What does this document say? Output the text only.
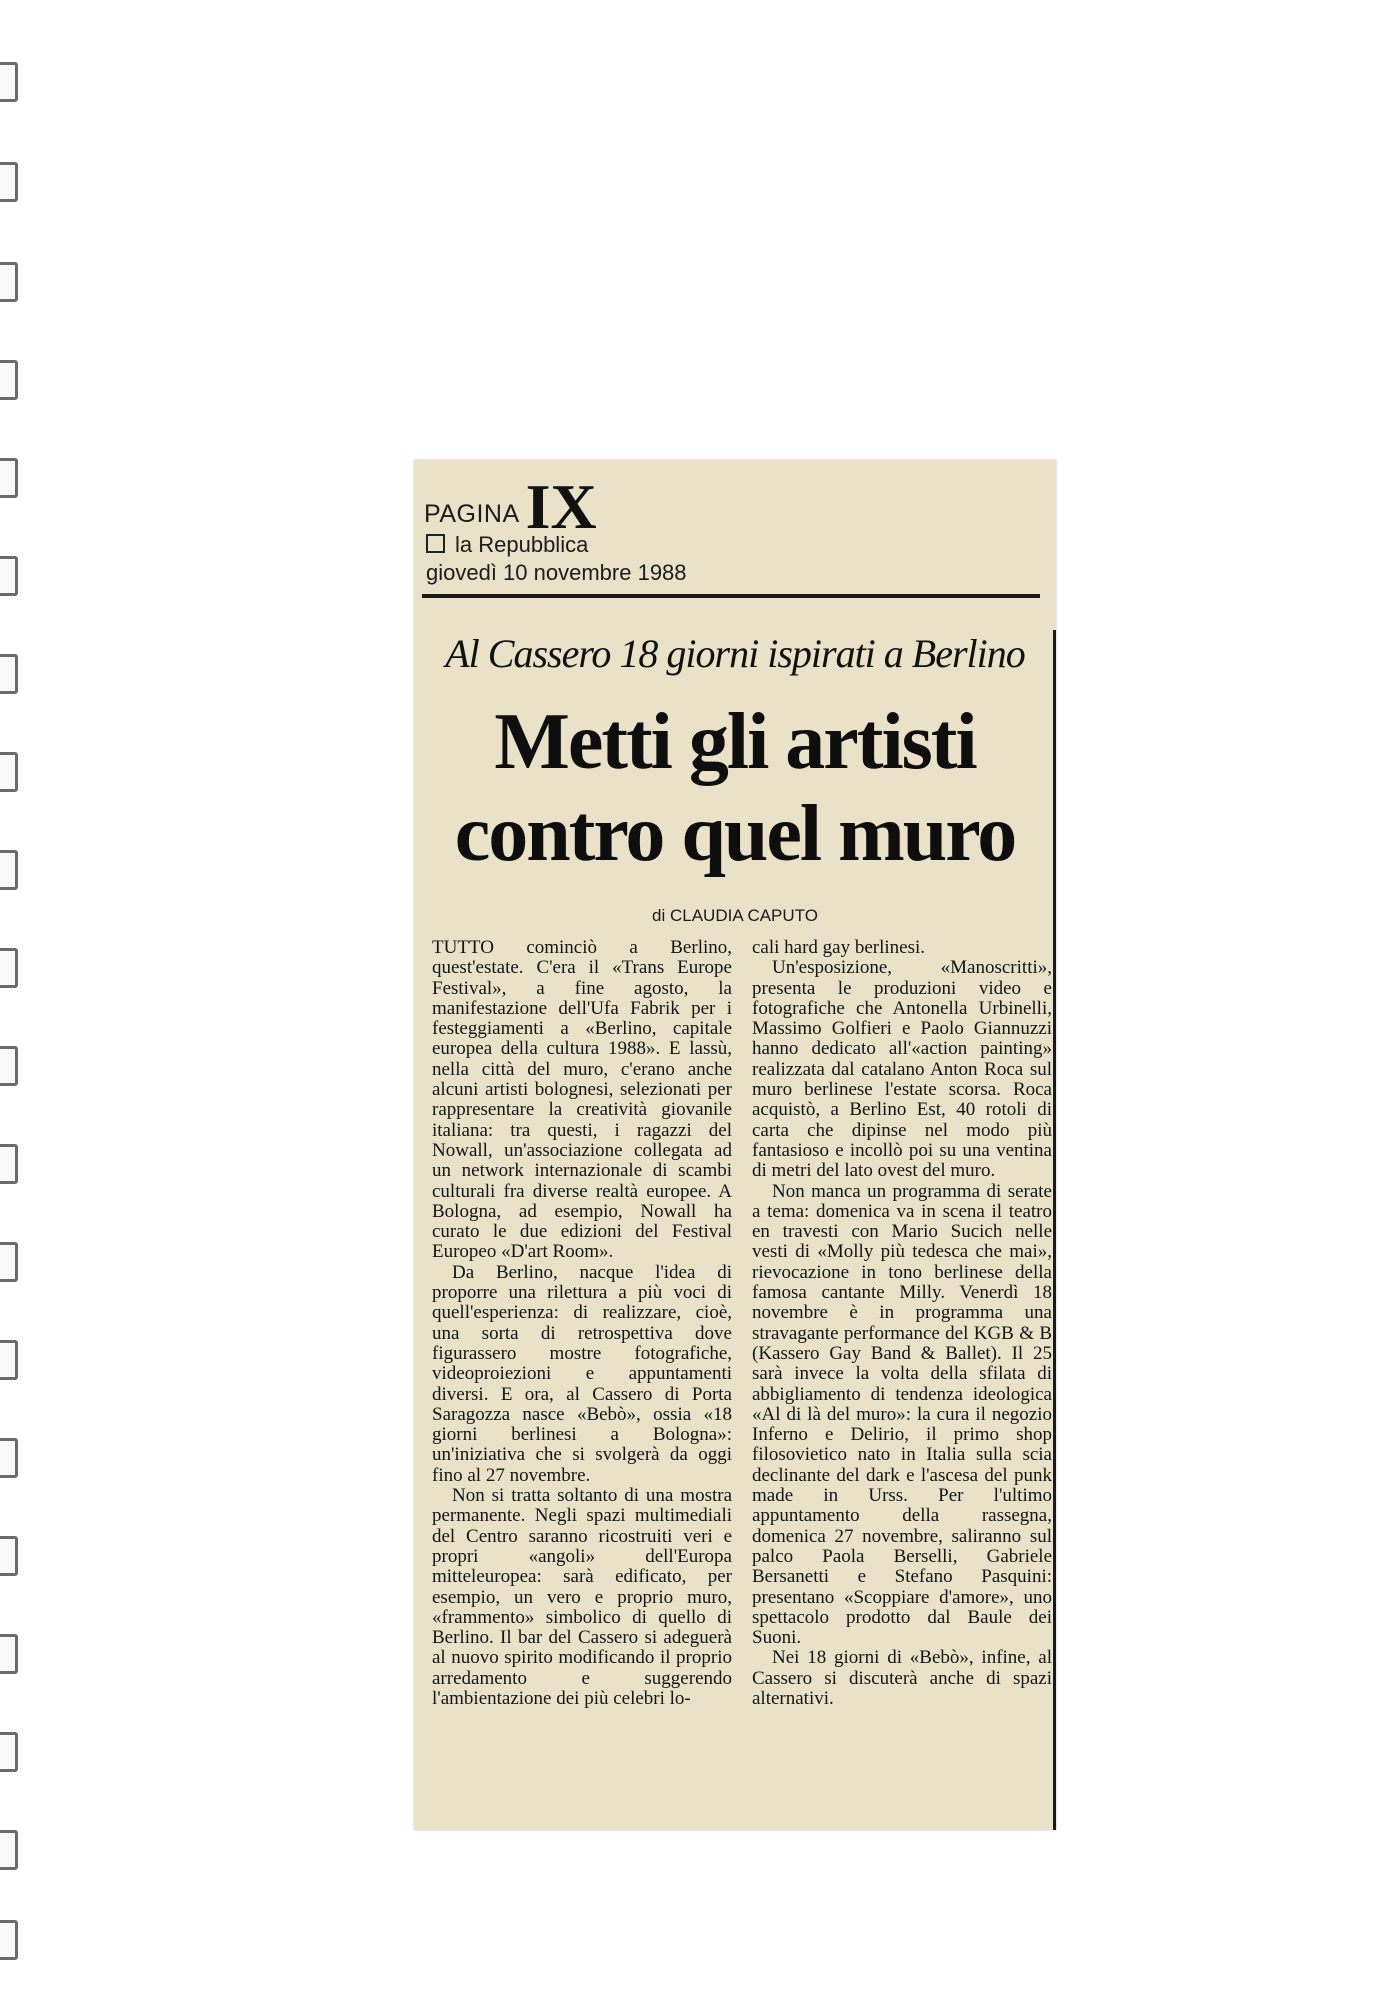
PAGINAIX
la Repubblica
giovedì 10 novembre 1988
Al Cassero 18 giorni ispirati a Berlino
Metti gli artisti
contro quel muro
di CLAUDIA CAPUTO

TUTTO cominciò a Berlino, quest'estate. C'era il «Trans Europe Festival», a fine agosto, la manifestazione dell'Ufa Fabrik per i festeggiamenti a «Berlino, capitale europea della cultura 1988». E lassù, nella città del muro, c'erano anche alcuni artisti bolognesi, selezionati per rappresentare la creatività giovanile italiana: tra questi, i ragazzi del Nowall, un'associazione collegata ad un network internazionale di scambi culturali fra diverse realtà europee. A Bologna, ad esempio, Nowall ha curato le due edizioni del Festival Europeo «D'art Room».

Da Berlino, nacque l'idea di proporre una rilettura a più voci di quell'esperienza: di realizzare, cioè, una sorta di retrospettiva dove figurassero mostre fotografiche, videoproiezioni e appuntamenti diversi. E ora, al Cassero di Porta Saragozza nasce «Bebò», ossia «18 giorni berlinesi a Bologna»: un'iniziativa che si svolgerà da oggi fino al 27 novembre.

Non si tratta soltanto di una mostra permanente. Negli spazi multimediali del Centro saranno ricostruiti veri e propri «angoli» dell'Europa mitteleuropea: sarà edificato, per esempio, un vero e proprio muro, «frammento» simbolico di quello di Berlino. Il bar del Cassero si adeguerà al nuovo spirito modificando il proprio arredamento e suggerendo l'ambientazione dei più celebri lo-

cali hard gay berlinesi.

Un'esposizione, «Manoscritti», presenta le produzioni video e fotografiche che Antonella Urbinelli, Massimo Golfieri e Paolo Giannuzzi hanno dedicato all'«action painting» realizzata dal catalano Anton Roca sul muro berlinese l'estate scorsa. Roca acquistò, a Berlino Est, 40 rotoli di carta che dipinse nel modo più fantasioso e incollò poi su una ventina di metri del lato ovest del muro.

Non manca un programma di serate a tema: domenica va in scena il teatro en travesti con Mario Sucich nelle vesti di «Molly più tedesca che mai», rievocazione in tono berlinese della famosa cantante Milly. Venerdì 18 novembre è in programma una stravagante performance del KGB & B (Kassero Gay Band & Ballet). Il 25 sarà invece la volta della sfilata di abbigliamento di tendenza ideologica «Al di là del muro»: la cura il negozio Inferno e Delirio, il primo shop filosovietico nato in Italia sulla scia declinante del dark e l'ascesa del punk made in Urss. Per l'ultimo appuntamento della rassegna, domenica 27 novembre, saliranno sul palco Paola Berselli, Gabriele Bersanetti e Stefano Pasquini: presentano «Scoppiare d'amore», uno spettacolo prodotto dal Baule dei Suoni.

Nei 18 giorni di «Bebò», infine, al Cassero si discuterà anche di spazi alternativi.
